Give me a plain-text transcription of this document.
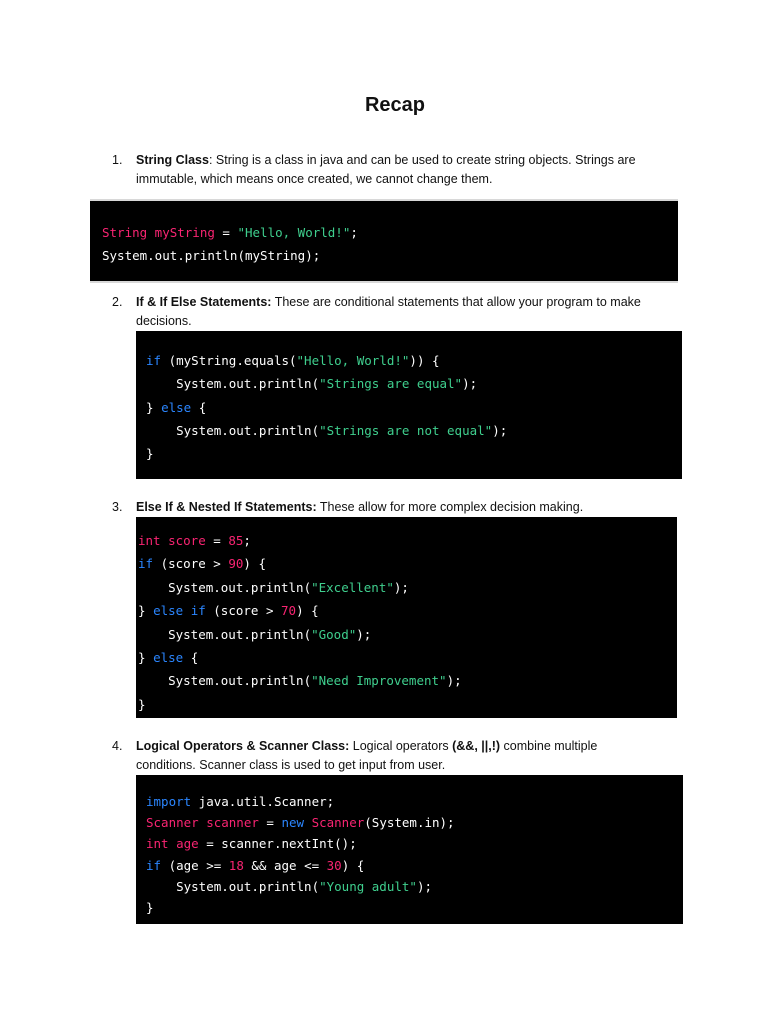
Recap
1. String Class: String is a class in java and can be used to create string objects. Strings are immutable, which means once created, we cannot change them.
String myString = "Hello, World!";
System.out.println(myString);
2. If & If Else Statements: These are conditional statements that allow your program to make decisions.
if (myString.equals("Hello, World!")) {
System.out.println("Strings are equal");
} else {
System.out.println("Strings are not equal");
}
3. Else If & Nested If Statements: These allow for more complex decision making.
int score = 85;
if (score > 90) {
System.out.println("Excellent");
} else if (score > 70) {
System.out.println("Good");
} else {
System.out.println("Need Improvement");
}
4. Logical Operators & Scanner Class: Logical operators (&&, ||,!) combine multiple conditions. Scanner class is used to get input from user.
import java.util.Scanner;
Scanner scanner = new Scanner(System.in);
int age = scanner.nextInt();
if (age >= 18 && age <= 30) {
System.out.println("Young adult");
}
